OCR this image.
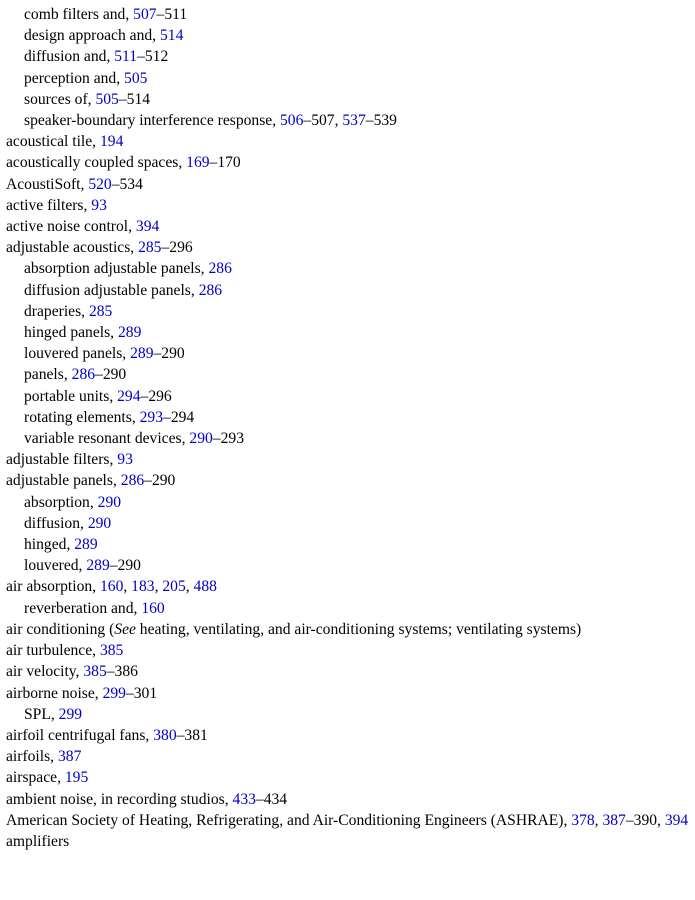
comb filters and, 507–511
design approach and, 514
diffusion and, 511–512
perception and, 505
sources of, 505–514
speaker-boundary interference response, 506–507, 537–539
acoustical tile, 194
acoustically coupled spaces, 169–170
AcoustiSoft, 520–534
active filters, 93
active noise control, 394
adjustable acoustics, 285–296
absorption adjustable panels, 286
diffusion adjustable panels, 286
draperies, 285
hinged panels, 289
louvered panels, 289–290
panels, 286–290
portable units, 294–296
rotating elements, 293–294
variable resonant devices, 290–293
adjustable filters, 93
adjustable panels, 286–290
absorption, 290
diffusion, 290
hinged, 289
louvered, 289–290
air absorption, 160, 183, 205, 488
reverberation and, 160
air conditioning (See heating, ventilating, and air-conditioning systems; ventilating systems)
air turbulence, 385
air velocity, 385–386
airborne noise, 299–301
SPL, 299
airfoil centrifugal fans, 380–381
airfoils, 387
airspace, 195
ambient noise, in recording studios, 433–434
American Society of Heating, Refrigerating, and Air-Conditioning Engineers (ASHRAE), 378, 387–390, 394
amplifiers
